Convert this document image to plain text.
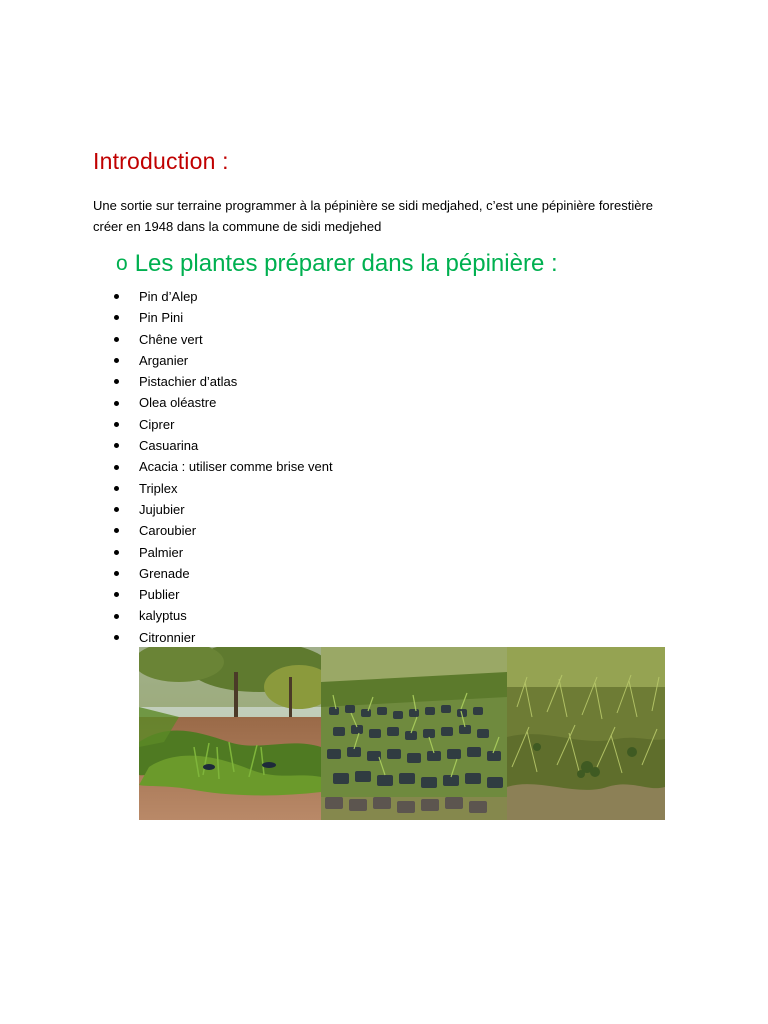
Introduction :

Une sortie sur terraine programmer à la pépinière se sidi medjahed, c’est une pépinière forestière créer en 1948 dans la commune de sidi medjehed

o Les plantes préparer dans la pépinière :
Pin d’Alep
Pin Pini
Chêne vert
Arganier
Pistachier d’atlas
Olea oléastre
Ciprer
Casuarina
Acacia : utiliser comme brise vent
Triplex
Jujubier
Caroubier
Palmier
Grenade
Publier
kalyptus
Citronnier
